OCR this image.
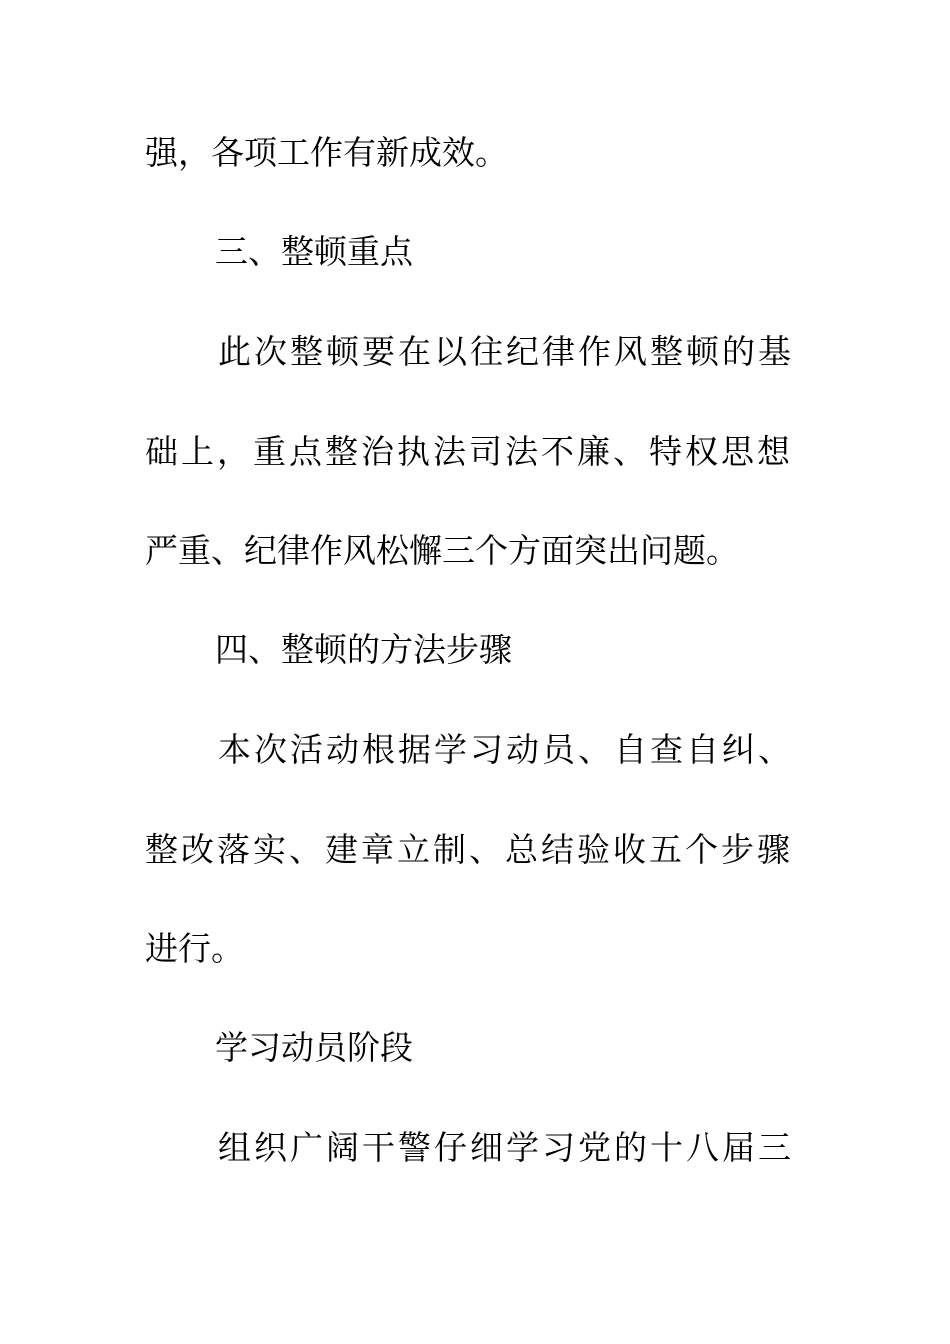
强，各项工作有新成效。
三、整顿重点
此次整顿要在以往纪律作风整顿的基
础上，重点整治执法司法不廉、特权思想
严重、纪律作风松懈三个方面突出问题。
四、整顿的方法步骤
本次活动根据学习动员、自查自纠、
整改落实、建章立制、总结验收五个步骤
进行。
学习动员阶段
组织广阔干警仔细学习党的十八届三
